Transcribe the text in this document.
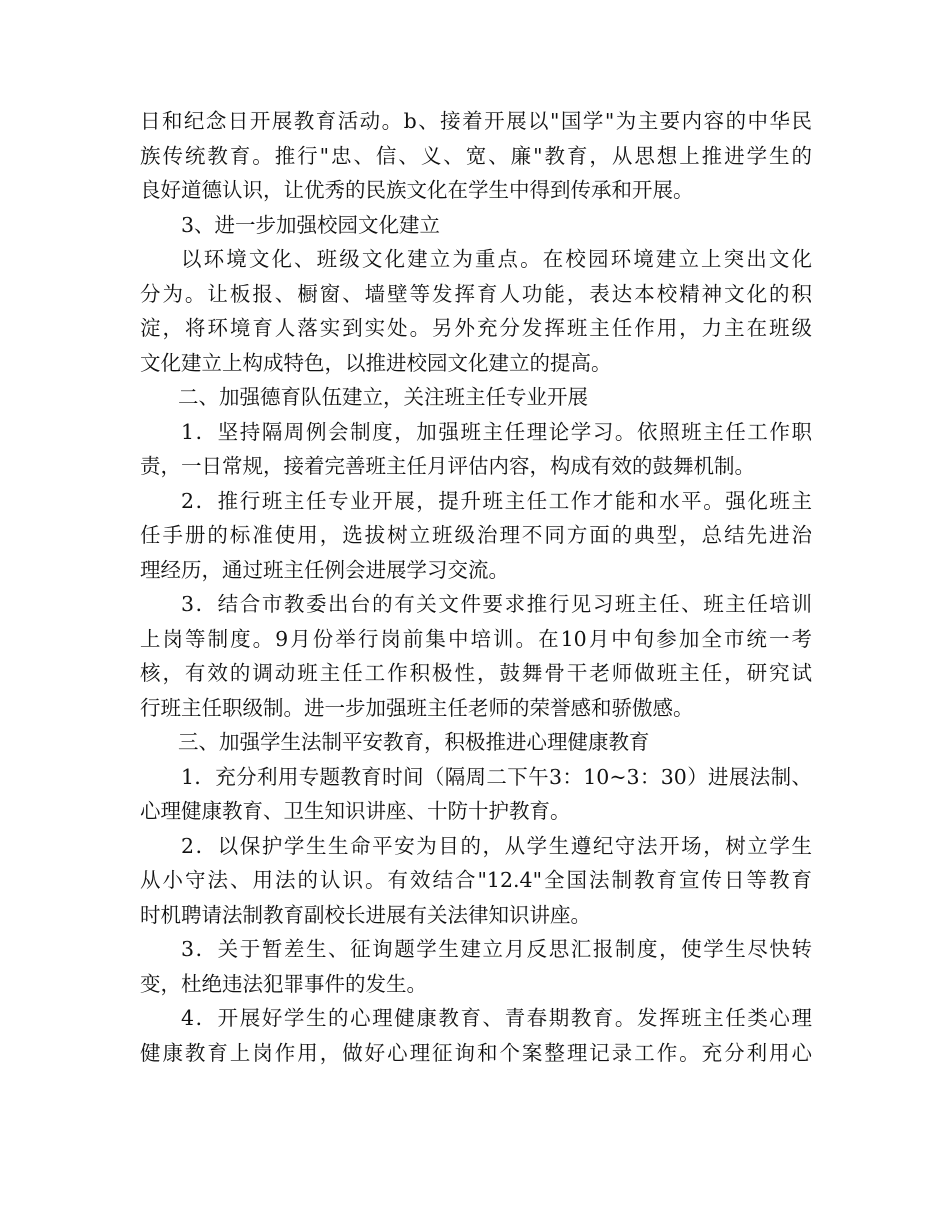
日和纪念日开展教育活动。b、接着开展以"国学"为主要内容的中华民
族传统教育。推行"忠、信、义、宽、廉"教育，从思想上推进学生的
良好道德认识，让优秀的民族文化在学生中得到传承和开展。
3、进一步加强校园文化建立
以环境文化、班级文化建立为重点。在校园环境建立上突出文化
分为。让板报、橱窗、墙壁等发挥育人功能，表达本校精神文化的积
淀，将环境育人落实到实处。另外充分发挥班主任作用，力主在班级
文化建立上构成特色，以推进校园文化建立的提高。
二、加强德育队伍建立，关注班主任专业开展
1．坚持隔周例会制度，加强班主任理论学习。依照班主任工作职
责，一日常规，接着完善班主任月评估内容，构成有效的鼓舞机制。
2．推行班主任专业开展，提升班主任工作才能和水平。强化班主
任手册的标准使用，选拔树立班级治理不同方面的典型，总结先进治
理经历，通过班主任例会进展学习交流。
3．结合市教委出台的有关文件要求推行见习班主任、班主任培训
上岗等制度。9月份举行岗前集中培训。在10月中旬参加全市统一考
核，有效的调动班主任工作积极性，鼓舞骨干老师做班主任，研究试
行班主任职级制。进一步加强班主任老师的荣誉感和骄傲感。
三、加强学生法制平安教育，积极推进心理健康教育
1．充分利用专题教育时间（隔周二下午3：10~3：30）进展法制、
心理健康教育、卫生知识讲座、十防十护教育。
2．以保护学生生命平安为目的，从学生遵纪守法开场，树立学生
从小守法、用法的认识。有效结合"12.4"全国法制教育宣传日等教育
时机聘请法制教育副校长进展有关法律知识讲座。
3．关于暂差生、征询题学生建立月反思汇报制度，使学生尽快转
变，杜绝违法犯罪事件的发生。
4．开展好学生的心理健康教育、青春期教育。发挥班主任类心理
健康教育上岗作用，做好心理征询和个案整理记录工作。充分利用心
